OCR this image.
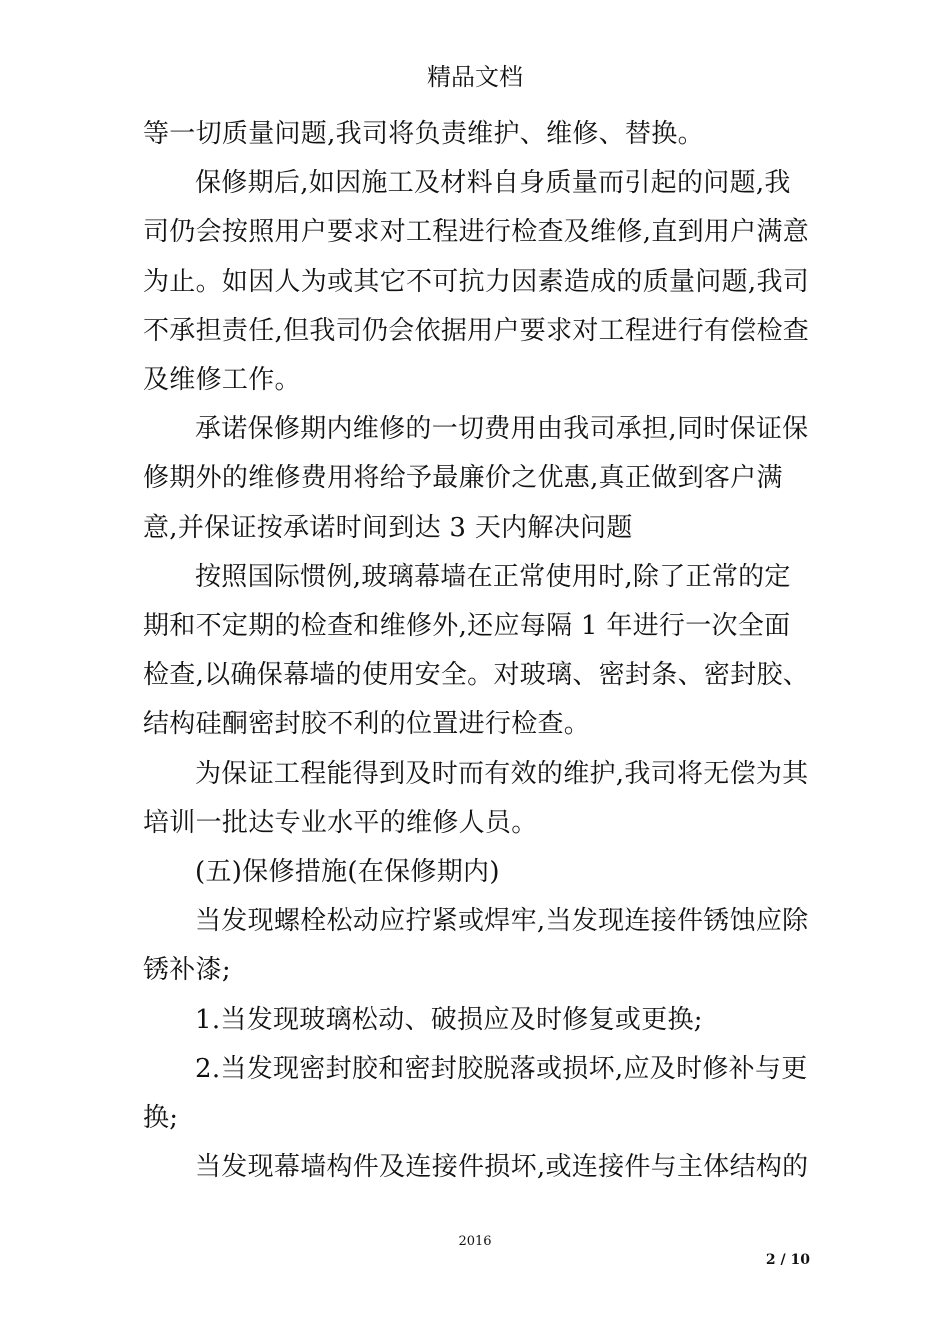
精品文档

等一切质量问题,我司将负责维护、维修、替换。

保修期后,如因施工及材料自身质量而引起的问题,我司仍会按照用户要求对工程进行检查及维修,直到用户满意为止。如因人为或其它不可抗力因素造成的质量问题,我司不承担责任,但我司仍会依据用户要求对工程进行有偿检查及维修工作。

承诺保修期内维修的一切费用由我司承担,同时保证保修期外的维修费用将给予最廉价之优惠,真正做到客户满意,并保证按承诺时间到达 3 天内解决问题

按照国际惯例,玻璃幕墙在正常使用时,除了正常的定期和不定期的检查和维修外,还应每隔 1 年进行一次全面检查,以确保幕墙的使用安全。对玻璃、密封条、密封胶、结构硅酮密封胶不利的位置进行检查。

为保证工程能得到及时而有效的维护,我司将无偿为其培训一批达专业水平的维修人员。

(五)保修措施(在保修期内)

当发现螺栓松动应拧紧或焊牢,当发现连接件锈蚀应除锈补漆;

1.当发现玻璃松动、破损应及时修复或更换;

2.当发现密封胶和密封胶脱落或损坏,应及时修补与更换;

当发现幕墙构件及连接件损坏,或连接件与主体结构的

2016
2 / 10
